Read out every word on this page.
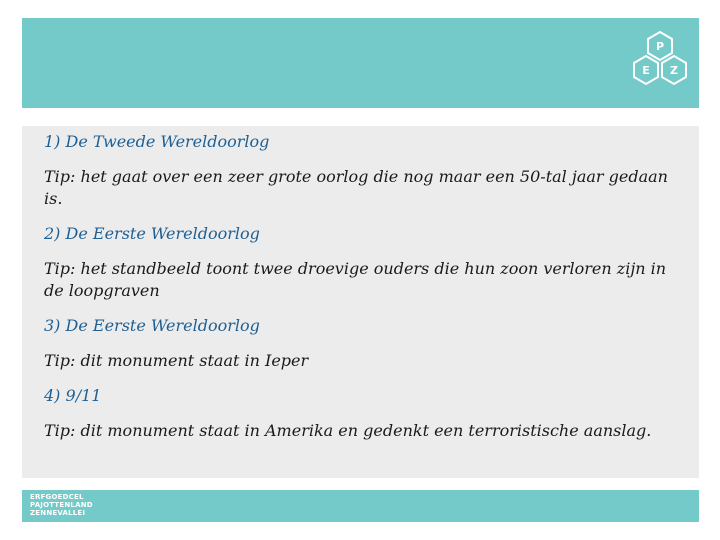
P
E Z
1) De Tweede Wereldoorlog
Tip: het gaat over een zeer grote oorlog die nog maar een 50-tal jaar gedaan is.
2) De Eerste Wereldoorlog
Tip: het standbeeld toont twee droevige ouders die hun zoon verloren zijn in de loopgraven
3) De Eerste Wereldoorlog
Tip: dit monument staat in Ieper
4) 9/11
Tip: dit monument staat in Amerika en gedenkt een terroristische aanslag.
ERFGOEDCEL
PAJOTTENLAND
ZENNEVALLEI
